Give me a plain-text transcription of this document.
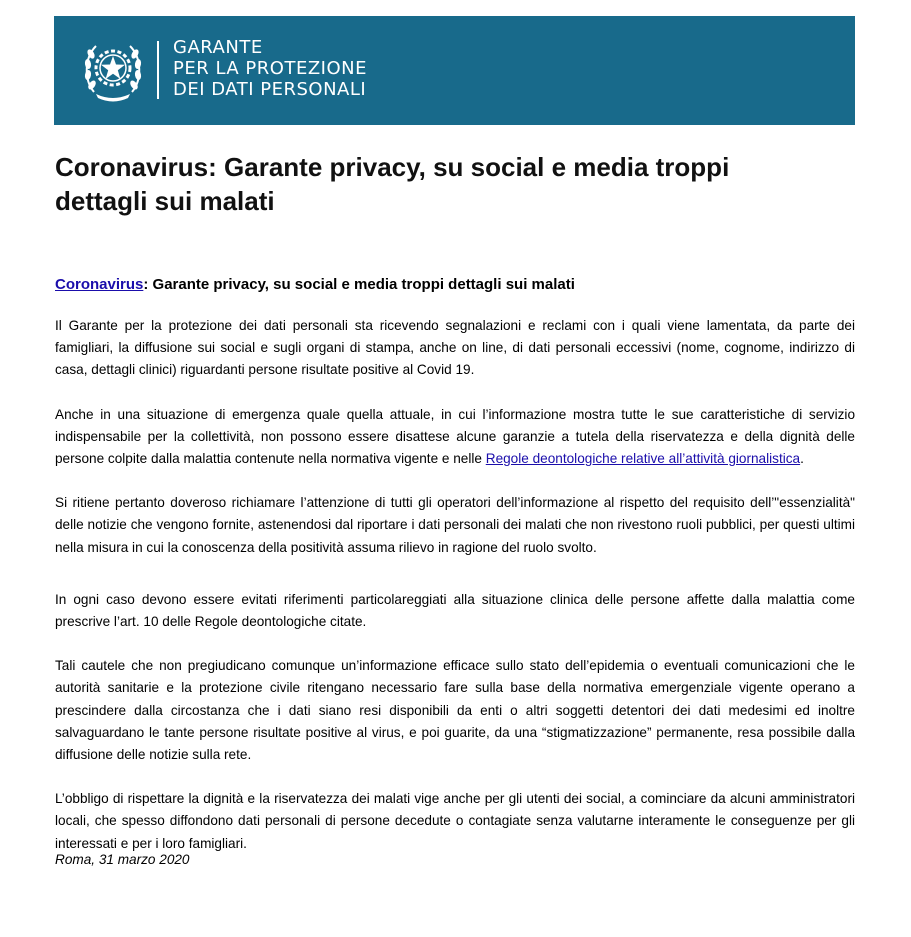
GARANTE
PER LA PROTEZIONE
DEI DATI PERSONALI
Coronavirus: Garante privacy, su social e media troppi dettagli sui malati

Coronavirus: Garante privacy, su social e media troppi dettagli sui malati

Il Garante per la protezione dei dati personali sta ricevendo segnalazioni e reclami con i quali viene lamentata, da parte dei famigliari, la diffusione sui social e sugli organi di stampa, anche on line, di dati personali eccessivi (nome, cognome, indirizzo di casa, dettagli clinici) riguardanti persone risultate positive al Covid 19.

Anche in una situazione di emergenza quale quella attuale, in cui l’informazione mostra tutte le sue caratteristiche di servizio indispensabile per la collettività, non possono essere disattese alcune garanzie a tutela della riservatezza e della dignità delle persone colpite dalla malattia contenute nella normativa vigente e nelle Regole deontologiche relative all’attività giornalistica.

Si ritiene pertanto doveroso richiamare l’attenzione di tutti gli operatori dell’informazione al rispetto del requisito dell’"essenzialità" delle notizie che vengono fornite, astenendosi dal riportare i dati personali dei malati che non rivestono ruoli pubblici, per questi ultimi nella misura in cui la conoscenza della positività assuma rilievo in ragione del ruolo svolto.

In ogni caso devono essere evitati riferimenti particolareggiati alla situazione clinica delle persone affette dalla malattia come prescrive l’art. 10 delle Regole deontologiche citate.

Tali cautele che non pregiudicano comunque un’informazione efficace sullo stato dell’epidemia o eventuali comunicazioni che le autorità sanitarie e la protezione civile ritengano necessario fare sulla base della normativa emergenziale vigente operano a prescindere dalla circostanza che i dati siano resi disponibili da enti o altri soggetti detentori dei dati medesimi ed inoltre salvaguardano le tante persone risultate positive al virus, e poi guarite, da una “stigmatizzazione” permanente, resa possibile dalla diffusione delle notizie sulla rete.

L’obbligo di rispettare la dignità e la riservatezza dei malati vige anche per gli utenti dei social, a cominciare da alcuni amministratori locali, che spesso diffondono dati personali di persone decedute o contagiate senza valutarne interamente le conseguenze per gli interessati e per i loro famigliari.

Roma, 31 marzo 2020
